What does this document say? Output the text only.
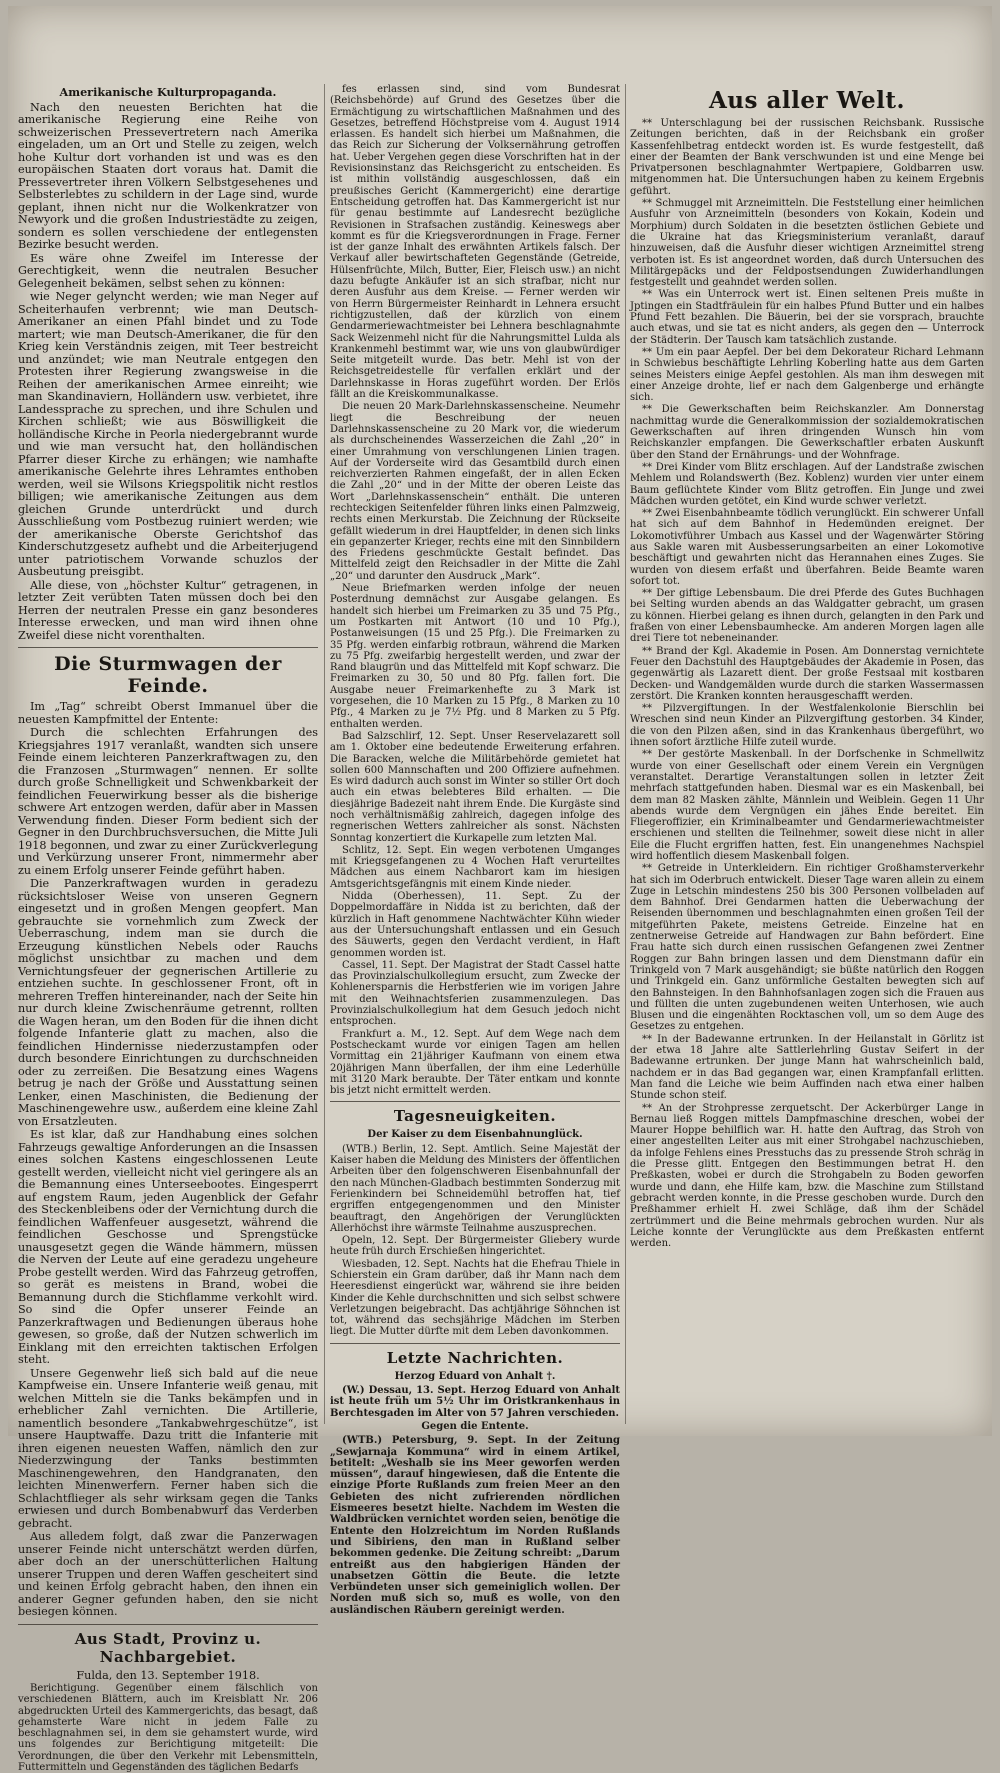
Amerikanische Kulturpropaganda.

Nach den neuesten Berichten hat die amerikanische Regierung eine Reihe von schweizerischen Pressevertretern nach Amerika eingeladen, um an Ort und Stelle zu zeigen, welch hohe Kultur dort vorhanden ist und was es den europäischen Staaten dort voraus hat. Damit die Pressevertreter ihren Völkern Selbstgesehenes und Selbsterlebtes zu schildern in der Lage sind, wurde geplant, ihnen nicht nur die Wolkenkratzer von Newyork und die großen Industriestädte zu zeigen, sondern es sollen verschiedene der entlegensten Bezirke besucht werden.

Es wäre ohne Zweifel im Interesse der Gerechtigkeit, wenn die neutralen Besucher Gelegenheit bekämen, selbst sehen zu können:

wie Neger gelyncht werden; wie man Neger auf Scheiterhaufen verbrennt; wie man Deutsch-Amerikaner an einen Pfahl bindet und zu Tode martert; wie man Deutsch-Amerikaner, die für den Krieg kein Verständnis zeigen, mit Teer bestreicht und anzündet; wie man Neutrale entgegen den Protesten ihrer Regierung zwangsweise in die Reihen der amerikanischen Armee einreiht; wie man Skandinaviern, Holländern usw. verbietet, ihre Landessprache zu sprechen, und ihre Schulen und Kirchen schließt; wie aus Böswilligkeit die holländische Kirche in Peorla niedergebrannt wurde und wie man versucht hat, den holländischen Pfarrer dieser Kirche zu erhängen; wie namhafte amerikanische Gelehrte ihres Lehramtes enthoben werden, weil sie Wilsons Kriegspolitik nicht restlos billigen; wie amerikanische Zeitungen aus dem gleichen Grunde unterdrückt und durch Ausschließung vom Postbezug ruiniert werden; wie der amerikanische Oberste Gerichtshof das Kinderschutzgesetz aufhebt und die Arbeiterjugend unter patriotischem Vorwande schuzlos der Ausbeutung preisgibt.

Alle diese, von „höchster Kultur“ getragenen, in letzter Zeit verübten Taten müssen doch bei den Herren der neutralen Presse ein ganz besonderes Interesse erwecken, und man wird ihnen ohne Zweifel diese nicht vorenthalten.

Die Sturmwagen der Feinde.

Im „Tag“ schreibt Oberst Immanuel über die neuesten Kampfmittel der Entente:

Durch die schlechten Erfahrungen des Kriegsjahres 1917 veranlaßt, wandten sich unsere Feinde einem leichteren Panzerkraftwagen zu, den die Franzosen „Sturmwagen“ nennen. Er sollte durch große Schnelligkeit und Schwenkbarkeit der feindlichen Feuerwirkung besser als die bisherige schwere Art entzogen werden, dafür aber in Massen Verwendung finden. Dieser Form bedient sich der Gegner in den Durchbruchsversuchen, die Mitte Juli 1918 begonnen, und zwar zu einer Zurückverlegung und Verkürzung unserer Front, nimmermehr aber zu einem Erfolg unserer Feinde geführt haben.

Die Panzerkraftwagen wurden in geradezu rücksichtsloser Weise von unseren Gegnern eingesetzt und in großen Mengen geopfert. Man gebrauchte sie vornehmlich zum Zweck der Ueberraschung, indem man sie durch die Erzeugung künstlichen Nebels oder Rauchs möglichst unsichtbar zu machen und dem Vernichtungsfeuer der gegnerischen Artillerie zu entziehen suchte. In geschlossener Front, oft in mehreren Treffen hintereinander, nach der Seite hin nur durch kleine Zwischenräume getrennt, rollten die Wagen heran, um den Boden für die ihnen dicht folgende Infanterie glatt zu machen, also die feindlichen Hindernisse niederzustampfen oder durch besondere Einrichtungen zu durchschneiden oder zu zerreißen. Die Besatzung eines Wagens betrug je nach der Größe und Ausstattung seinen Lenker, einen Maschinisten, die Bedienung der Maschinengewehre usw., außerdem eine kleine Zahl von Ersatzleuten.

Es ist klar, daß zur Handhabung eines solchen Fahrzeugs gewaltige Anforderungen an die Insassen eines solchen Kastens eingeschlossenen Leute gestellt werden, vielleicht nicht viel geringere als an die Bemannung eines Unterseebootes. Eingesperrt auf engstem Raum, jeden Augenblick der Gefahr des Steckenbleibens oder der Vernichtung durch die feindlichen Waffenfeuer ausgesetzt, während die feindlichen Geschosse und Sprengstücke unausgesetzt gegen die Wände hämmern, müssen die Nerven der Leute auf eine geradezu ungeheure Probe gestellt werden. Wird das Fahrzeug getroffen, so gerät es meistens in Brand, wobei die Bemannung durch die Stichflamme verkohlt wird. So sind die Opfer unserer Feinde an Panzerkraftwagen und Bedienungen überaus hohe gewesen, so große, daß der Nutzen schwerlich im Einklang mit den erreichten taktischen Erfolgen steht.

Unsere Gegenwehr ließ sich bald auf die neue Kampfweise ein. Unsere Infanterie weiß genau, mit welchen Mitteln sie die Tanks bekämpfen und in erheblicher Zahl vernichten. Die Artillerie, namentlich besondere „Tankabwehrgeschütze“, ist unsere Hauptwaffe. Dazu tritt die Infanterie mit ihren eigenen neuesten Waffen, nämlich den zur Niederzwingung der Tanks bestimmten Maschinengewehren, den Handgranaten, den leichten Minenwerfern. Ferner haben sich die Schlachtflieger als sehr wirksam gegen die Tanks erwiesen und durch Bombenabwurf das Verderben gebracht.

Aus alledem folgt, daß zwar die Panzerwagen unserer Feinde nicht unterschätzt werden dürfen, aber doch an der unerschütterlichen Haltung unserer Truppen und deren Waffen gescheitert sind und keinen Erfolg gebracht haben, den ihnen ein anderer Gegner gefunden haben, den sie nicht besiegen können.

Aus Stadt, Provinz u. Nachbargebiet.

Fulda, den 13. September 1918.

Berichtigung. Gegenüber einem fälschlich von verschiedenen Blättern, auch im Kreisblatt Nr. 206 abgedruckten Urteil des Kammergerichts, das besagt, daß gehamsterte Ware nicht in jedem Falle zu beschlagnahmen sei, in dem sie gehamstert wurde, wird uns folgendes zur Berichtigung mitgeteilt: Die Verordnungen, die über den Verkehr mit Lebensmitteln, Futtermitteln und Gegenständen des täglichen Bedarfs

fes erlassen sind, sind vom Bundesrat (Reichsbehörde) auf Grund des Gesetzes über die Ermächtigung zu wirtschaftlichen Maßnahmen und des Gesetzes, betreffend Höchstpreise vom 4. August 1914 erlassen. Es handelt sich hierbei um Maßnahmen, die das Reich zur Sicherung der Volksernährung getroffen hat. Ueber Vergehen gegen diese Vorschriften hat in der Revisionsinstanz das Reichsgericht zu entscheiden. Es ist mithin vollständig ausgeschlossen, daß ein preußisches Gericht (Kammergericht) eine derartige Entscheidung getroffen hat. Das Kammergericht ist nur für genau bestimmte auf Landesrecht bezügliche Revisionen in Strafsachen zuständig. Keineswegs aber kommt es für die Kriegsverordnungen in Frage. Ferner ist der ganze Inhalt des erwähnten Artikels falsch. Der Verkauf aller bewirtschafteten Gegenstände (Getreide, Hülsenfrüchte, Milch, Butter, Eier, Fleisch usw.) an nicht dazu befugte Ankäufer ist an sich strafbar, nicht nur deren Ausfuhr aus dem Kreise. — Ferner werden wir von Herrn Bürgermeister Reinhardt in Lehnera ersucht richtigzustellen, daß der kürzlich von einem Gendarmeriewachtmeister bei Lehnera beschlagnahmte Sack Weizenmehl nicht für die Nahrungsmittel Lulda als Krankenmehl bestimmt war, wie uns von glaubwürdiger Seite mitgeteilt wurde. Das betr. Mehl ist von der Reichsgetreidestelle für verfallen erklärt und der Darlehnskasse in Horas zugeführt worden. Der Erlös fällt an die Kreiskommunalkasse.

Die neuen 20 Mark-Darlehnskassenscheine. Neumehr liegt die Beschreibung der neuen Darlehnskassenscheine zu 20 Mark vor, die wiederum als durchscheinendes Wasserzeichen die Zahl „20“ in einer Umrahmung von verschlungenen Linien tragen. Auf der Vorderseite wird das Gesamtbild durch einen reichverzierten Rahmen eingefaßt, der in allen Ecken die Zahl „20“ und in der Mitte der oberen Leiste das Wort „Darlehnskassenschein“ enthält. Die unteren rechteckigen Seitenfelder führen links einen Palmzweig, rechts einen Merkurstab. Die Zeichnung der Rückseite gefällt wiederum in drei Hauptfelder, in denen sich links ein gepanzerter Krieger, rechts eine mit den Sinnbildern des Friedens geschmückte Gestalt befindet. Das Mittelfeld zeigt den Reichsadler in der Mitte die Zahl „20“ und darunter den Ausdruck „Mark“.

Neue Briefmarken werden infolge der neuen Posterdnung demnächst zur Ausgabe gelangen. Es handelt sich hierbei um Freimarken zu 35 und 75 Pfg., um Postkarten mit Antwort (10 und 10 Pfg.), Postanweisungen (15 und 25 Pfg.). Die Freimarken zu 35 Pfg. werden einfarbig rotbraun, während die Marken zu 75 Pfg. zweifarbig hergestellt werden, und zwar der Rand blaugrün und das Mittelfeld mit Kopf schwarz. Die Freimarken zu 30, 50 und 80 Pfg. fallen fort. Die Ausgabe neuer Freimarkenhefte zu 3 Mark ist vorgesehen, die 10 Marken zu 15 Pfg., 8 Marken zu 10 Pfg., 4 Marken zu je 7½ Pfg. und 8 Marken zu 5 Pfg. enthalten werden.

Bad Salzschlirf, 12. Sept. Unser Reservelazarett soll am 1. Oktober eine bedeutende Erweiterung erfahren. Die Baracken, welche die Militärbehörde gemietet hat sollen 600 Mannschaften und 200 Offiziere aufnehmen. Es wird dadurch auch sonst im Winter so stiller Ort doch auch ein etwas belebteres Bild erhalten. — Die diesjährige Badezeit naht ihrem Ende. Die Kurgäste sind noch verhältnismäßig zahlreich, dagegen infolge des regnerischen Wetters zahlreicher als sonst. Nächsten Sonntag konzertiert die Kurkapelle zum letzten Mal.

Schlitz, 12. Sept. Ein wegen verbotenen Umganges mit Kriegsgefangenen zu 4 Wochen Haft verurteiltes Mädchen aus einem Nachbarort kam im hiesigen Amtsgerichtsgefängnis mit einem Kinde nieder.

Nidda (Oberhessen), 11. Sept. Zu der Doppelmordaffäre in Nidda ist zu berichten, daß der kürzlich in Haft genommene Nachtwächter Kühn wieder aus der Untersuchungshaft entlassen und ein Gesuch des Säuwerts, gegen den Verdacht verdient, in Haft genommen worden ist.

Cassel, 11. Sept. Der Magistrat der Stadt Cassel hatte das Provinzialschulkollegium ersucht, zum Zwecke der Kohlenersparnis die Herbstferien wie im vorigen Jahre mit den Weihnachtsferien zusammenzulegen. Das Provinzialschulkollegium hat dem Gesuch jedoch nicht entsprochen.

Frankfurt a. M., 12. Sept. Auf dem Wege nach dem Postscheckamt wurde vor einigen Tagen am hellen Vormittag ein 21jähriger Kaufmann von einem etwa 20jährigen Mann überfallen, der ihm eine Lederhülle mit 3120 Mark beraubte. Der Täter entkam und konnte bis jetzt nicht ermittelt werden.

Tagesneuigkeiten.

Der Kaiser zu dem Eisenbahnunglück.

(WTB.) Berlin, 12. Sept. Amtlich. Seine Majestät der Kaiser haben die Meldung des Ministers der öffentlichen Arbeiten über den folgenschweren Eisenbahnunfall der den nach München-Gladbach bestimmten Sonderzug mit Ferienkindern bei Schneidemühl betroffen hat, tief ergriffen entgegengenommen und den Minister beauftragt, den Angehörigen der Verunglückten Allerhöchst ihre wärmste Teilnahme auszusprechen.

Opeln, 12. Sept. Der Bürgermeister Gliebery wurde heute früh durch Erschießen hingerichtet.

Wiesbaden, 12. Sept. Nachts hat die Ehefrau Thiele in Schierstein ein Gram darüber, daß ihr Mann nach dem Heeresdienst eingerückt war, während sie ihre beiden Kinder die Kehle durchschnitten und sich selbst schwere Verletzungen beigebracht. Das achtjährige Söhnchen ist tot, während das sechsjährige Mädchen im Sterben liegt. Die Mutter dürfte mit dem Leben davonkommen.

Letzte Nachrichten.

Herzog Eduard von Anhalt †.

(W.) Dessau, 13. Sept. Herzog Eduard von Anhalt ist heute früh um 5½ Uhr im Oristkrankenhaus in Berchtesgaden im Alter von 57 Jahren verschieden.

Gegen die Entente.

(WTB.) Petersburg, 9. Sept. In der Zeitung „Sewjarnaja Kommuna“ wird in einem Artikel, betitelt: „Weshalb sie ins Meer geworfen werden müssen“, darauf hingewiesen, daß die Entente die einzige Pforte Rußlands zum freien Meer an den Gebieten des nicht zufrierenden nördlichen Eismeeres besetzt hielte. Nachdem im Westen die Waldbrücken vernichtet worden seien, benötige die Entente den Holzreichtum im Norden Rußlands und Sibiriens, den man in Rußland selber bekommen gedenke. Die Zeitung schreibt: „Darum entreißt aus den habgierigen Händen der unabsetzen Göttin die Beute. die letzte Verbündeten unser sich gemeiniglich wollen. Der Norden muß sich so, muß es wolle, von den ausländischen Räubern gereinigt werden.

Aus aller Welt.

** Unterschlagung bei der russischen Reichsbank. Russische Zeitungen berichten, daß in der Reichsbank ein großer Kassenfehlbetrag entdeckt worden ist. Es wurde festgestellt, daß einer der Beamten der Bank verschwunden ist und eine Menge bei Privatpersonen beschlagnahmter Wertpapiere, Goldbarren usw. mitgenommen hat. Die Untersuchungen haben zu keinem Ergebnis geführt.

** Schmuggel mit Arzneimitteln. Die Feststellung einer heimlichen Ausfuhr von Arzneimitteln (besonders von Kokain, Kodein und Morphium) durch Soldaten in die besetzten östlichen Gebiete und die Ukraine hat das Kriegsministerium veranlaßt, darauf hinzuweisen, daß die Ausfuhr dieser wichtigen Arzneimittel streng verboten ist. Es ist angeordnet worden, daß durch Untersuchen des Militärgepäcks und der Feldpostsendungen Zuwiderhandlungen festgestellt und geahndet werden sollen.

** Was ein Unterrock wert ist. Einen seltenen Preis mußte in Jptingen ein Stadtfräulein für ein halbes Pfund Butter und ein halbes Pfund Fett bezahlen. Die Bäuerin, bei der sie vorsprach, brauchte auch etwas, und sie tat es nicht anders, als gegen den — Unterrock der Städterin. Der Tausch kam tatsächlich zustande.

** Um ein paar Aepfel. Der bei dem Dekorateur Richard Lehmann in Schwiebus beschäftigte Lehrling Koberling hatte aus dem Garten seines Meisters einige Aepfel gestohlen. Als man ihm deswegen mit einer Anzeige drohte, lief er nach dem Galgenberge und erhängte sich.

** Die Gewerkschaften beim Reichskanzler. Am Donnerstag nachmittag wurde die Generalkommission der sozialdemokratischen Gewerkschaften auf ihren dringenden Wunsch hin vom Reichskanzler empfangen. Die Gewerkschaftler erbaten Auskunft über den Stand der Ernährungs- und der Wohnfrage.

** Drei Kinder vom Blitz erschlagen. Auf der Landstraße zwischen Mehlem und Rolandswerth (Bez. Koblenz) wurden vier unter einem Baum geflüchtete Kinder vom Blitz getroffen. Ein Junge und zwei Mädchen wurden getötet, ein Kind wurde schwer verletzt.

** Zwei Eisenbahnbeamte tödlich verunglückt. Ein schwerer Unfall hat sich auf dem Bahnhof in Hedemünden ereignet. Der Lokomotivführer Umbach aus Kassel und der Wagenwärter Störing aus Sakle waren mit Ausbesserungsarbeiten an einer Lokomotive beschäftigt und gewahrten nicht das Herannahen eines Zuges. Sie wurden von diesem erfaßt und überfahren. Beide Beamte waren sofort tot.

** Der giftige Lebensbaum. Die drei Pferde des Gutes Buchhagen bei Selting wurden abends an das Waldgatter gebracht, um grasen zu können. Hierbei gelang es ihnen durch, gelangten in den Park und fraßen von einer Lebensbaumhecke. Am anderen Morgen lagen alle drei Tiere tot nebeneinander.

** Brand der Kgl. Akademie in Posen. Am Donnerstag vernichtete Feuer den Dachstuhl des Hauptgebäudes der Akademie in Posen, das gegenwärtig als Lazarett dient. Der große Festsaal mit kostbaren Decken- und Wandgemälden wurde durch die starken Wassermassen zerstört. Die Kranken konnten herausgeschafft werden.

** Pilzvergiftungen. In der Westfalenkolonie Bierschlin bei Wreschen sind neun Kinder an Pilzvergiftung gestorben. 34 Kinder, die von den Pilzen aßen, sind in das Krankenhaus übergeführt, wo ihnen sofort ärztliche Hilfe zuteil wurde.

** Der gestörte Maskenball. In der Dorfschenke in Schmellwitz wurde von einer Gesellschaft oder einem Verein ein Vergnügen veranstaltet. Derartige Veranstaltungen sollen in letzter Zeit mehrfach stattgefunden haben. Diesmal war es ein Maskenball, bei dem man 82 Masken zählte, Männlein und Weiblein. Gegen 11 Uhr abends wurde dem Vergnügen ein jähes Ende bereitet. Ein Fliegeroffizier, ein Kriminalbeamter und Gendarmeriewachtmeister erschienen und stellten die Teilnehmer, soweit diese nicht in aller Eile die Flucht ergriffen hatten, fest. Ein unangenehmes Nachspiel wird hoffentlich diesem Maskenball folgen.

** Getreide in Unterkleidern. Ein richtiger Großhamsterverkehr hat sich im Oderbruch entwickelt. Dieser Tage waren allein zu einem Zuge in Letschin mindestens 250 bis 300 Personen vollbeladen auf dem Bahnhof. Drei Gendarmen hatten die Ueberwachung der Reisenden übernommen und beschlagnahmten einen großen Teil der mitgeführten Pakete, meistens Getreide. Einzelne hat en zentnerweise Getreide auf Handwagen zur Bahn befördert. Eine Frau hatte sich durch einen russischen Gefangenen zwei Zentner Roggen zur Bahn bringen lassen und dem Dienstmann dafür ein Trinkgeld von 7 Mark ausgehändigt; sie büßte natürlich den Roggen und Trinkgeld ein. Ganz unförmliche Gestalten bewegten sich auf den Bahnsteigen. In den Bahnhofsanlagen zogen sich die Frauen aus und füllten die unten zugebundenen weiten Unterhosen, wie auch Blusen und die eingenähten Rocktaschen voll, um so dem Auge des Gesetzes zu entgehen.

** In der Badewanne ertrunken. In der Heilanstalt in Görlitz ist der etwa 18 Jahre alte Sattlerlehrling Gustav Seifert in der Badewanne ertrunken. Der junge Mann hat wahrscheinlich bald, nachdem er in das Bad gegangen war, einen Krampfanfall erlitten. Man fand die Leiche wie beim Auffinden nach etwa einer halben Stunde schon steif.

** An der Strohpresse zerquetscht. Der Ackerbürger Lange in Bernau ließ Roggen mittels Dampfmaschine dreschen, wobei der Maurer Hoppe behilflich war. H. hatte den Auftrag, das Stroh von einer angestellten Leiter aus mit einer Strohgabel nachzuschieben, da infolge Fehlens eines Presstuchs das zu pressende Stroh schräg in die Presse glitt. Entgegen den Bestimmungen betrat H. den Preßkasten, wobei er durch die Strohgabeln zu Boden geworfen wurde und dann, ehe Hilfe kam, bzw. die Maschine zum Stillstand gebracht werden konnte, in die Presse geschoben wurde. Durch den Preßhammer erhielt H. zwei Schläge, daß ihm der Schädel zertrümmert und die Beine mehrmals gebrochen wurden. Nur als Leiche konnte der Verunglückte aus dem Preßkasten entfernt werden.
